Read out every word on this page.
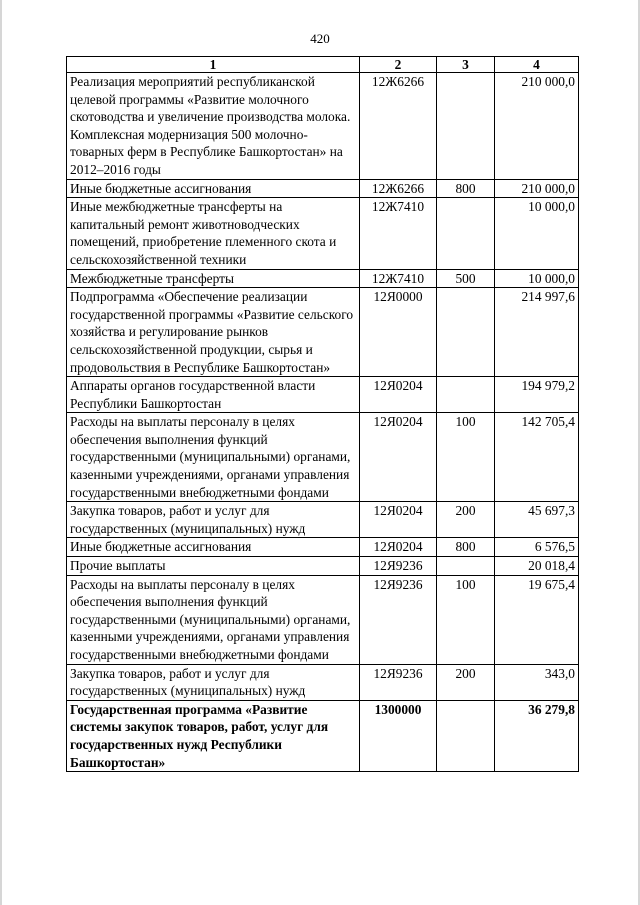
420
1	2	3	4
Реализация мероприятий республиканской целевой программы «Развитие молочного скотоводства и увеличение производства молока. Комплексная модернизация 500 молочно-товарных ферм в Республике Башкортостан» на 2012–2016 годы	12Ж6266		210 000,0
Иные бюджетные ассигнования	12Ж6266	800	210 000,0
Иные межбюджетные трансферты на капитальный ремонт животноводческих помещений, приобретение племенного скота и сельскохозяйственной техники	12Ж7410		10 000,0
Межбюджетные трансферты	12Ж7410	500	10 000,0
Подпрограмма «Обеспечение реализации государственной программы «Развитие сельского хозяйства и регулирование рынков сельскохозяйственной продукции, сырья и продовольствия в Республике Башкортостан»	12Я0000		214 997,6
Аппараты органов государственной власти Республики Башкортостан	12Я0204		194 979,2
Расходы на выплаты персоналу в целях обеспечения выполнения функций государственными (муниципальными) органами, казенными учреждениями, органами управления государственными внебюджетными фондами	12Я0204	100	142 705,4
Закупка товаров, работ и услуг для государственных (муниципальных) нужд	12Я0204	200	45 697,3
Иные бюджетные ассигнования	12Я0204	800	6 576,5
Прочие выплаты	12Я9236		20 018,4
Расходы на выплаты персоналу в целях обеспечения выполнения функций государственными (муниципальными) органами, казенными учреждениями, органами управления государственными внебюджетными фондами	12Я9236	100	19 675,4
Закупка товаров, работ и услуг для государственных (муниципальных) нужд	12Я9236	200	343,0
Государственная программа «Развитие системы закупок товаров, работ, услуг для государственных нужд Республики Башкортостан»	1300000		36 279,8
